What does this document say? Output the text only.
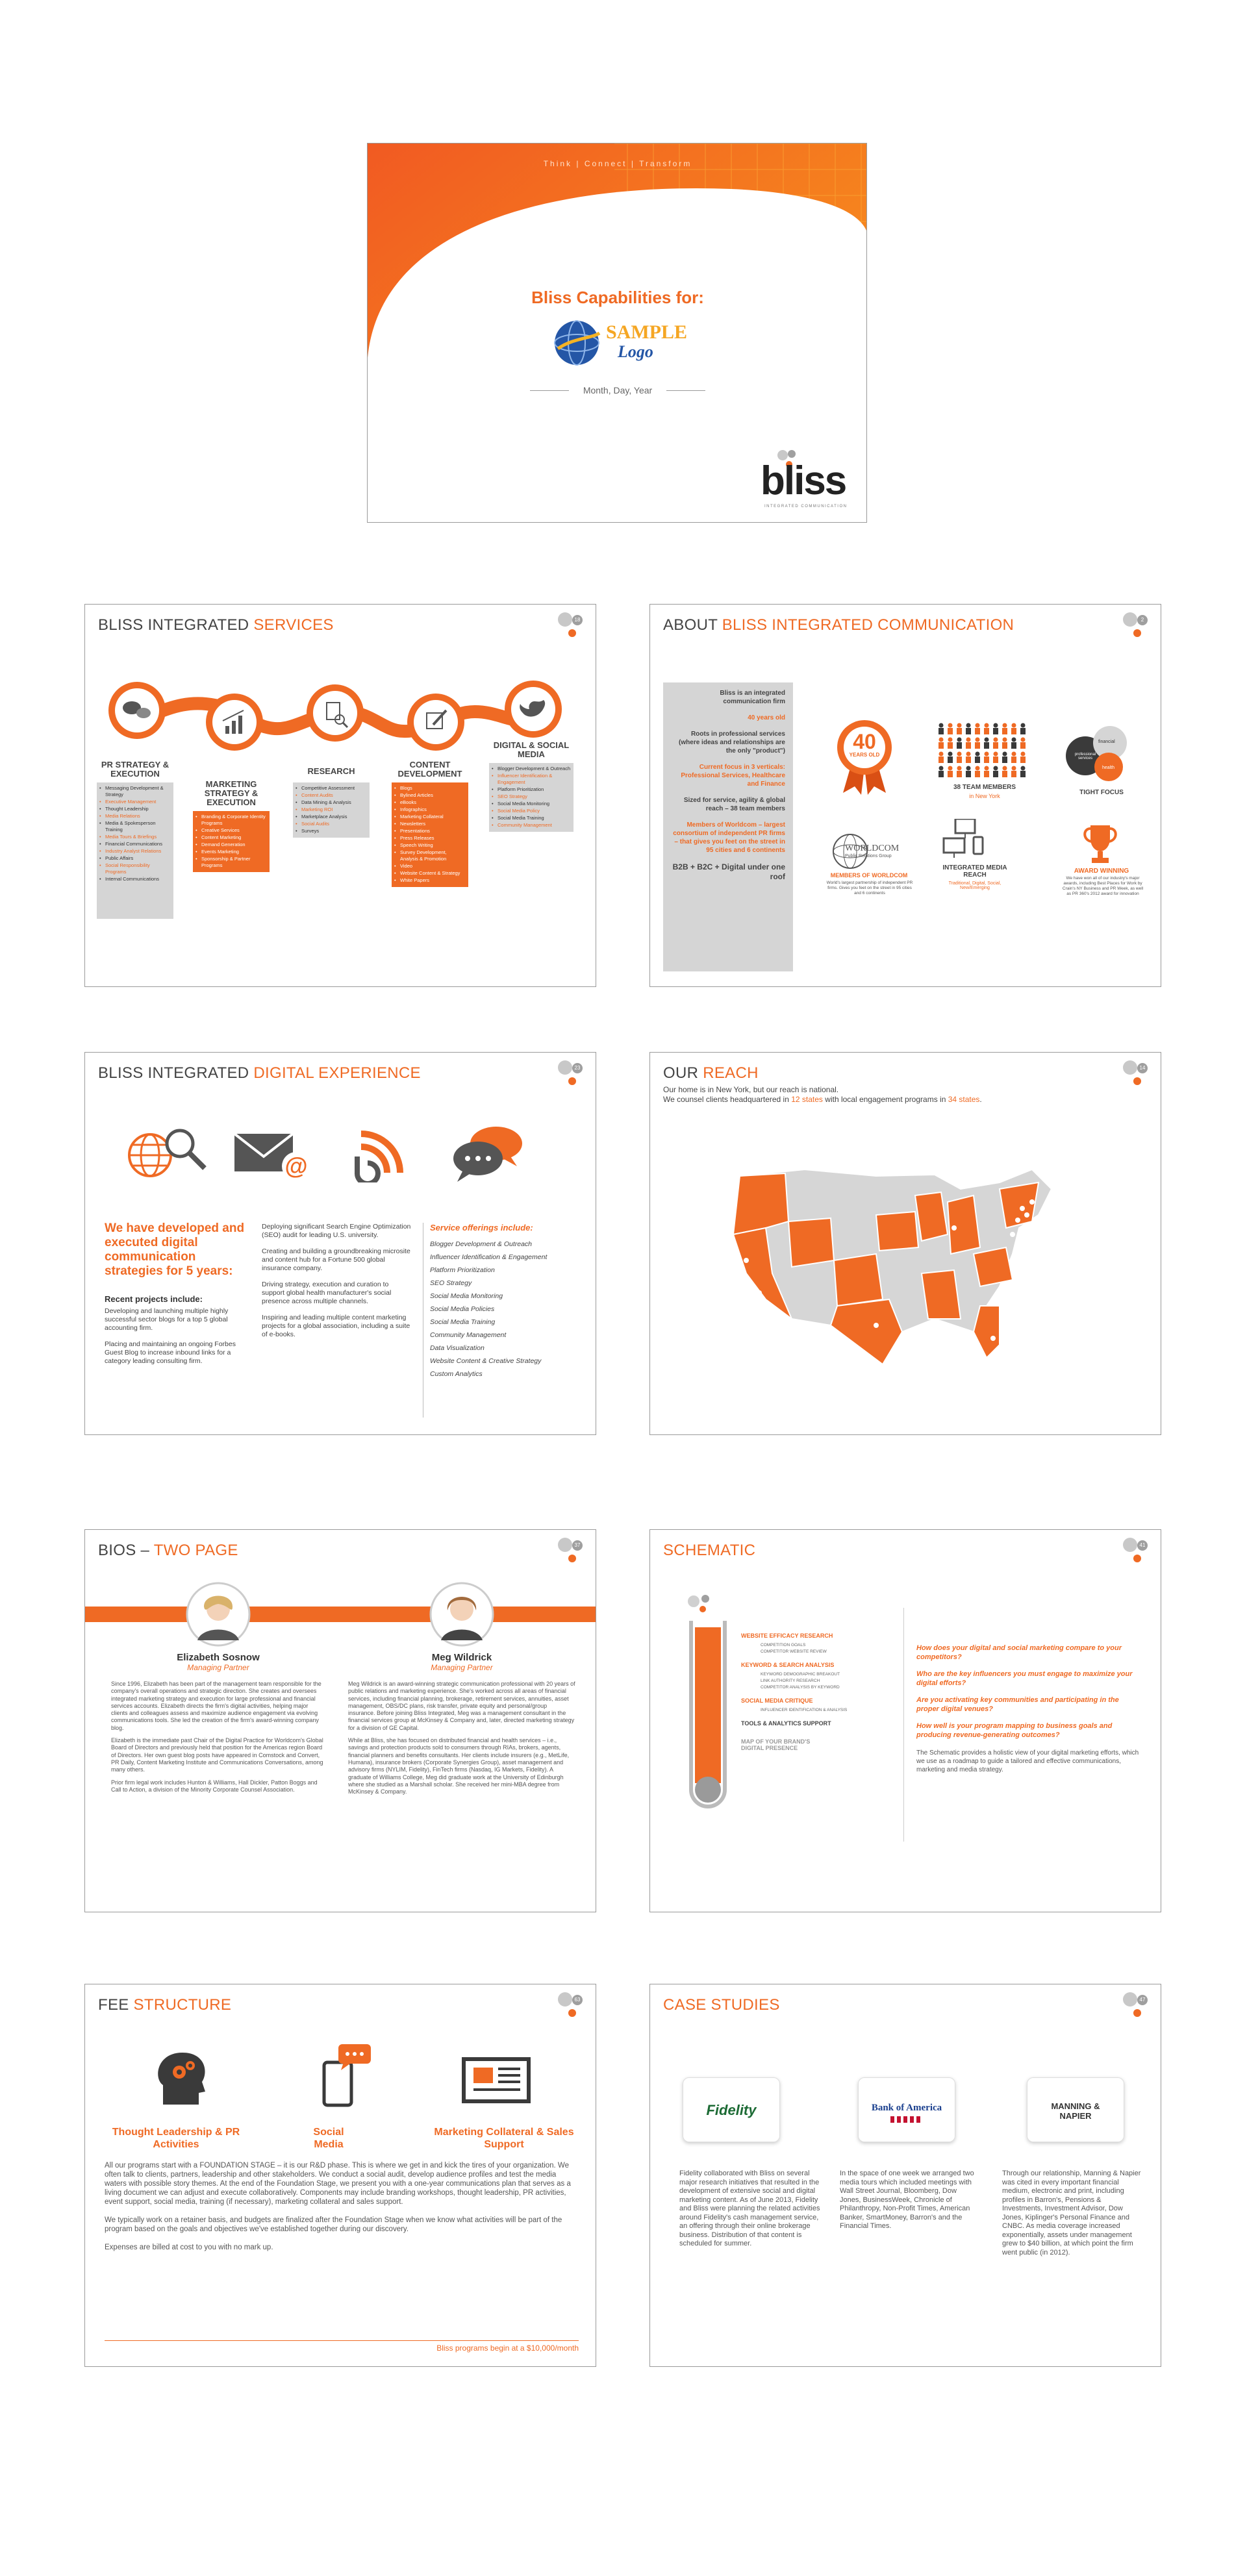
Think | Connect | Transform
Bliss Capabilities for:
SAMPLE
Logo
Month, Day, Year
bliss
INTEGRATED COMMUNICATION
BLISS INTEGRATED SERVICES	18
PR STRATEGY & EXECUTION
• Messaging Development & Strategy
• Executive Management
• Thought Leadership
• Media Relations
• Media & Spokesperson Training
• Media Tours & Briefings
• Financial Communications
• Industry Analyst Relations
• Public Affairs
• Social Responsibility Programs
• Internal Communications
MARKETING STRATEGY & EXECUTION
• Branding & Corporate Identity Programs
• Creative Services
• Content Marketing
• Demand Generation
• Events Marketing
• Sponsorship & Partner Programs
RESEARCH
• Competitive Assessment
• Content Audits
• Data Mining & Analysis
• Marketing ROI
• Marketplace Analysis
• Social Audits
• Surveys
CONTENT DEVELOPMENT
• Blogs
• Bylined Articles
• eBooks
• Infographics
• Marketing Collateral
• Newsletters
• Presentations
• Press Releases
• Speech Writing
• Survey Development, Analysis & Promotion
• Video
• Website Content & Strategy
• White Papers
DIGITAL & SOCIAL MEDIA
• Blogger Development & Outreach
• Influencer Identification & Engagement
• Platform Prioritization
• SEO Strategy
• Social Media Monitoring
• Social Media Policy
• Social Media Training
• Community Management
ABOUT BLISS INTEGRATED COMMUNICATION	2

Bliss is an integrated communication firm

40 years old

Roots in professional services (where ideas and relationships are the only "product")

Current focus in 3 verticals: Professional Services, Healthcare and Finance

Sized for service, agility & global reach – 38 team members

Members of Worldcom – largest consortium of independent PR firms – that gives you feet on the street in 95 cities and 6 continents

B2B + B2C + Digital under one roof

40
YEARS OLD
38 TEAM MEMBERS
in New York
financial
professional services
health
TIGHT FOCUS
WORLDCOM
Public Relations Group
MEMBERS OF WORLDCOM
World's largest partnership of independent PR firms. Gives you feet on the street in 95 cities and 6 continents
INTEGRATED MEDIA REACH
Traditional, Digital, Social, New/Emerging
AWARD WINNING
We have won all of our industry's major awards, including Best Places for Work by Crain's NY Business and PR Week, as well as PR 360's 2012 award for innovation
BLISS INTEGRATED DIGITAL EXPERIENCE	23
@
We have developed and executed digital communication strategies for 5 years:
Recent projects include:

Developing and launching multiple highly successful sector blogs for a top 5 global accounting firm.

Placing and maintaining an ongoing Forbes Guest Blog to increase inbound links for a category leading consulting firm.

Deploying significant Search Engine Optimization (SEO) audit for leading U.S. university.

Creating and building a groundbreaking microsite and content hub for a Fortune 500 global insurance company.

Driving strategy, execution and curation to support global health manufacturer's social presence across multiple channels.

Inspiring and leading multiple content marketing projects for a global association, including a suite of e-books.

Service offerings include:
Blogger Development & Outreach
Influencer Identification & Engagement
Platform Prioritization
SEO Strategy
Social Media Monitoring
Social Media Policies
Social Media Training
Community Management
Data Visualization
Website Content & Creative Strategy
Custom Analytics
OUR REACH	14
Our home is in New York, but our reach is national.
We counsel clients headquartered in 12 states with local engagement programs in 34 states.
BIOS – TWO PAGE	37
Elizabeth Sosnow
Managing Partner

Since 1996, Elizabeth has been part of the management team responsible for the company's overall operations and strategic direction. She creates and oversees integrated marketing strategy and execution for large professional and financial services accounts. Elizabeth directs the firm's digital activities, helping major clients and colleagues assess and maximize audience engagement via evolving communications tools. She led the creation of the firm's award-winning company blog.

Elizabeth is the immediate past Chair of the Digital Practice for Worldcom's Global Board of Directors and previously held that position for the Americas region Board of Directors. Her own guest blog posts have appeared in Comstock and Convert, PR Daily, Content Marketing Institute and Communications Conversations, among many others.

Prior firm legal work includes Hunton & Williams, Hall Dickler, Patton Boggs and Call to Action, a division of the Minority Corporate Counsel Association.

Meg Wildrick
Managing Partner

Meg Wildrick is an award-winning strategic communication professional with 20 years of public relations and marketing experience. She's worked across all areas of financial services, including financial planning, brokerage, retirement services, annuities, asset management, OBS/DC plans, risk transfer, private equity and personal/group insurance. Before joining Bliss Integrated, Meg was a management consultant in the financial services group at McKinsey & Company and, later, directed marketing strategy for a division of GE Capital.

While at Bliss, she has focused on distributed financial and health services – i.e., savings and protection products sold to consumers through RIAs, brokers, agents, financial planners and benefits consultants. Her clients include insurers (e.g., MetLife, Humana), insurance brokers (Corporate Synergies Group), asset management and advisory firms (NYLIM, Fidelity), FinTech firms (Nasdaq, IG Markets, Fidelity). A graduate of Williams College, Meg did graduate work at the University of Edinburgh where she studied as a Marshall scholar. She received her mini-MBA degree from McKinsey & Company.

SCHEMATIC	41
WEBSITE EFFICACY RESEARCH
COMPETITION GOALS
COMPETITOR WEBSITE REVIEW
KEYWORD & SEARCH ANALYSIS
KEYWORD DEMOGRAPHIC BREAKOUT
LINK AUTHORITY RESEARCH
COMPETITOR ANALYSIS BY KEYWORD
SOCIAL MEDIA CRITIQUE
INFLUENCER IDENTIFICATION & ANALYSIS
TOOLS & ANALYTICS SUPPORT
MAP OF YOUR BRAND'S DIGITAL PRESENCE

How does your digital and social marketing compare to your competitors?

Who are the key influencers you must engage to maximize your digital efforts?

Are you activating key communities and participating in the proper digital venues?

How well is your program mapping to business goals and producing revenue-generating outcomes?

The Schematic provides a holistic view of your digital marketing efforts, which we use as a roadmap to guide a tailored and effective communications, marketing and media strategy.

FEE STRUCTURE	63
Thought Leadership & PR Activities
Social Media
Marketing Collateral & Sales Support

All our programs start with a FOUNDATION STAGE – it is our R&D phase. This is where we get in and kick the tires of your organization. We often talk to clients, partners, leadership and other stakeholders. We conduct a social audit, develop audience profiles and test the media waters with possible story themes. At the end of the Foundation Stage, we present you with a one-year communications plan that serves as a living document we can adjust and execute collaboratively. Components may include branding workshops, thought leadership, PR activities, event support, social media, training (if necessary), marketing collateral and sales support.

We typically work on a retainer basis, and budgets are finalized after the Foundation Stage when we know what activities will be part of the program based on the goals and objectives we've established together during our discovery.

Expenses are billed at cost to you with no mark up.

Bliss programs begin at a $10,000/month
CASE STUDIES	47
Fidelity	Bank of America	MANNING & NAPIER
Fidelity collaborated with Bliss on several major research initiatives that resulted in the development of extensive social and digital marketing content. As of June 2013, Fidelity and Bliss were planning the related activities around Fidelity's cash management service, an offering through their online brokerage business. Distribution of that content is scheduled for summer.
In the space of one week we arranged two media tours which included meetings with Wall Street Journal, Bloomberg, Dow Jones, BusinessWeek, Chronicle of Philanthropy, Non-Profit Times, American Banker, SmartMoney, Barron's and the Financial Times.
Through our relationship, Manning & Napier was cited in every important financial medium, electronic and print, including profiles in Barron's, Pensions & Investments, Investment Advisor, Dow Jones, Kiplinger's Personal Finance and CNBC. As media coverage increased exponentially, assets under management grew to $40 billion, at which point the firm went public (in 2012).
